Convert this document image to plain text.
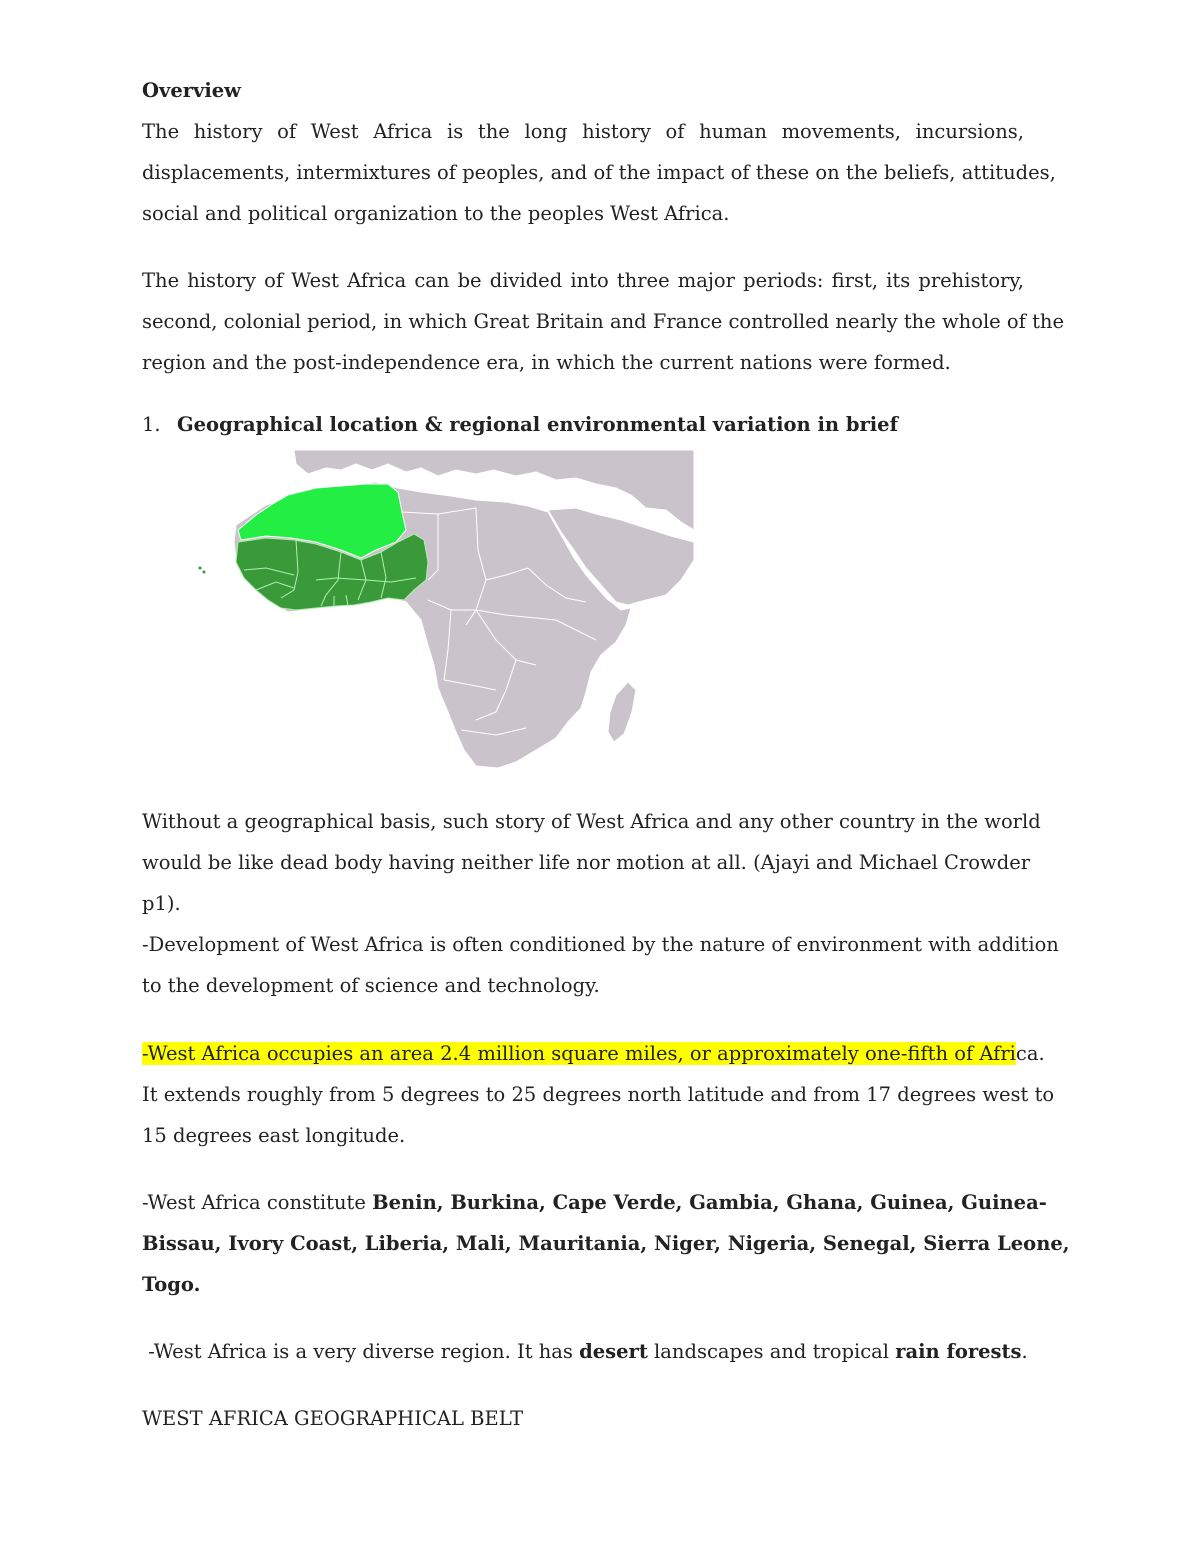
Overview
The history of West Africa is the long history of human movements, incursions,
displacements, intermixtures of peoples, and of the impact of these on the beliefs, attitudes,
social and political organization to the peoples West Africa.
The history of West Africa can be divided into three major periods: first, its prehistory,
second, colonial period, in which Great Britain and France controlled nearly the whole of the
region and the post-independence era, in which the current nations were formed.
1. Geographical location & regional environmental variation in brief
Without a geographical basis, such story of West Africa and any other country in the world
would be like dead body having neither life nor motion at all. (Ajayi and Michael Crowder
p1).
-Development of West Africa is often conditioned by the nature of environment with addition
to the development of science and technology.
-West Africa occupies an area 2.4 million square miles, or approximately one-fifth of Africa.
It extends roughly from 5 degrees to 25 degrees north latitude and from 17 degrees west to
15 degrees east longitude.
-West Africa constitute Benin, Burkina, Cape Verde, Gambia, Ghana, Guinea, Guinea-
Bissau, Ivory Coast, Liberia, Mali, Mauritania, Niger, Nigeria, Senegal, Sierra Leone,
Togo.
-West Africa is a very diverse region. It has desert landscapes and tropical rain forests.
WEST AFRICA GEOGRAPHICAL BELT
